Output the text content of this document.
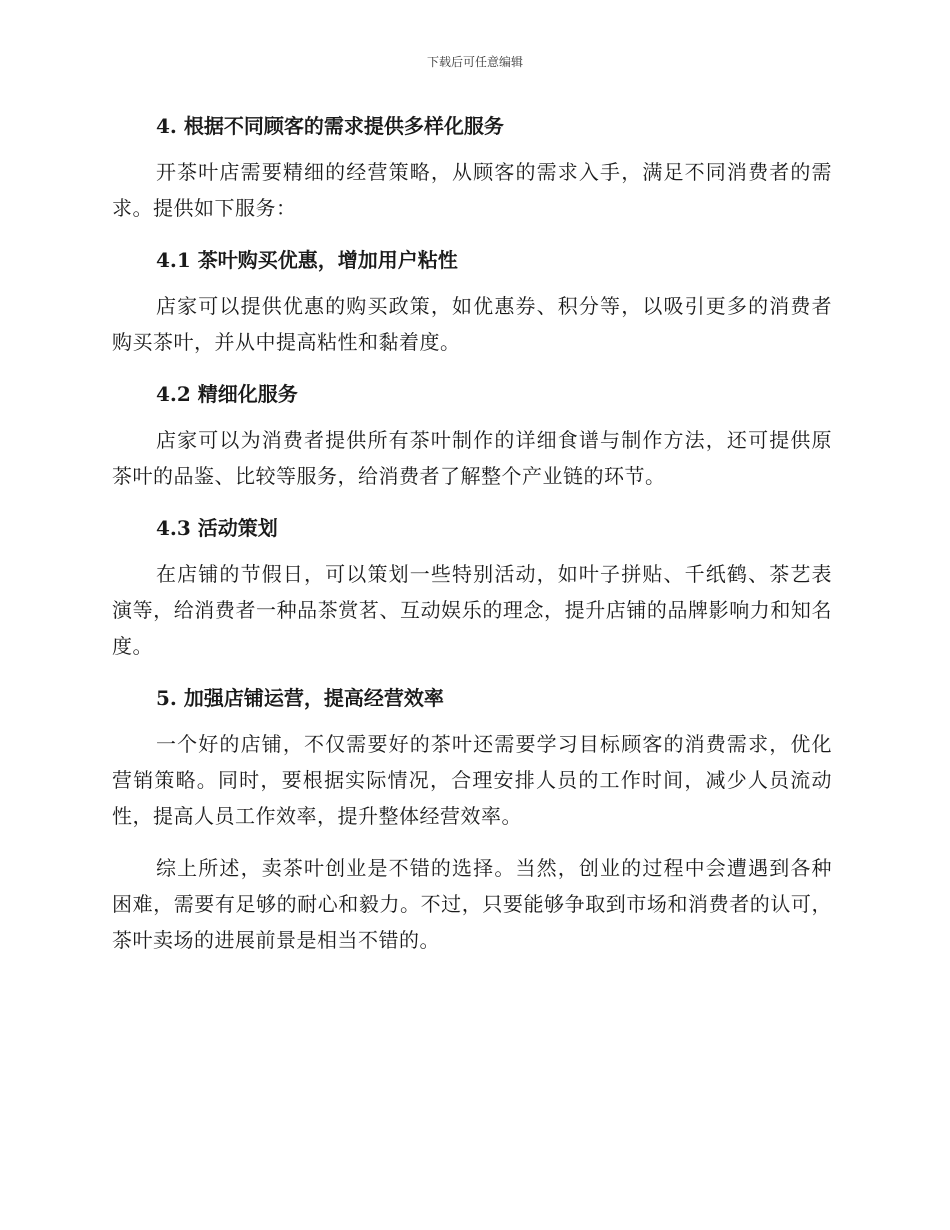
下载后可任意编辑
4. 根据不同顾客的需求提供多样化服务

开茶叶店需要精细的经营策略，从顾客的需求入手，满足不同消费者的需求。提供如下服务：

4.1 茶叶购买优惠，增加用户粘性

店家可以提供优惠的购买政策，如优惠券、积分等，以吸引更多的消费者购买茶叶，并从中提高粘性和黏着度。

4.2 精细化服务

店家可以为消费者提供所有茶叶制作的详细食谱与制作方法，还可提供原茶叶的品鉴、比较等服务，给消费者了解整个产业链的环节。

4.3 活动策划

在店铺的节假日，可以策划一些特别活动，如叶子拼贴、千纸鹤、茶艺表演等，给消费者一种品茶赏茗、互动娱乐的理念，提升店铺的品牌影响力和知名度。

5. 加强店铺运营，提高经营效率

一个好的店铺，不仅需要好的茶叶还需要学习目标顾客的消费需求，优化营销策略。同时，要根据实际情况，合理安排人员的工作时间，减少人员流动性，提高人员工作效率，提升整体经营效率。

综上所述，卖茶叶创业是不错的选择。当然，创业的过程中会遭遇到各种困难，需要有足够的耐心和毅力。不过，只要能够争取到市场和消费者的认可，茶叶卖场的进展前景是相当不错的。
